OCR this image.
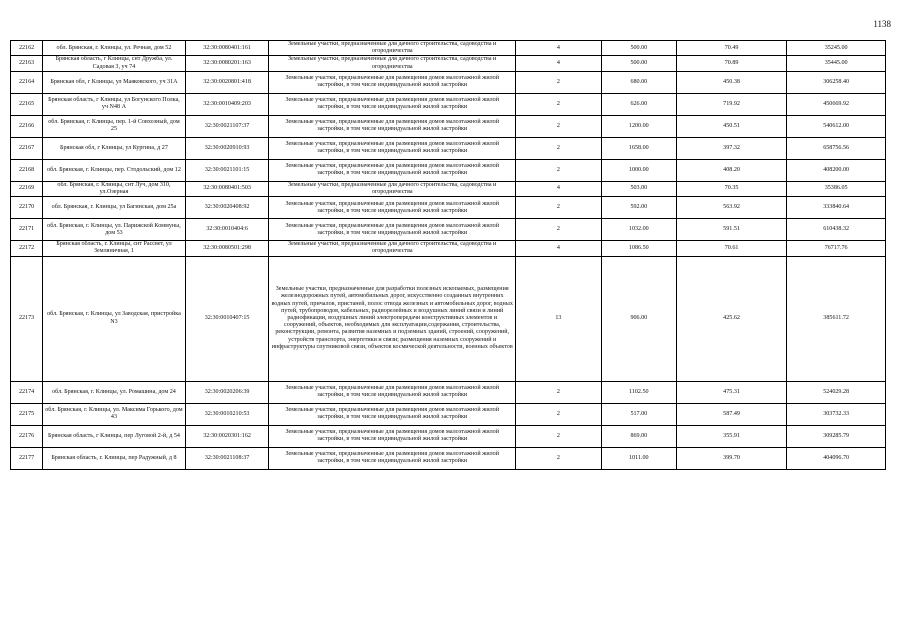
1138
22162	обл. Брянская, г. Клинцы, ул. Речная, дом 52	32:30:0080401:161	Земельные участки, предназначенные для дачного строительства, садоводства и огородничества	4	500.00	70.49	35245.00
22163	Брянская область, г Клинцы, снт Дружба, ул. Садовая 3, уч 74	32:30:0080201:163	Земельные участки, предназначенные для дачного строительства, садоводства и огородничества	4	500.00	70.89	35445.00
22164	Брянская обл, г Клинцы, ул Маяковского, уч 31А	32:30:0020801:418	Земельные участки, предназначенные для размещения домов малоэтажной жилой застройки, в том числе индивидуальной жилой застройки	2	680.00	450.38	306258.40
22165	Брянская область, г Клинцы, ул Богунского Полка, уч N48 А	32:30:0010409:203	Земельные участки, предназначенные для размещения домов малоэтажной жилой застройки, в том числе индивидуальной жилой застройки	2	626.00	719.92	450669.92
22166	обл. Брянская, г. Клинцы, пер. 1-й Совхозный, дом 25	32:30:0021107:37	Земельные участки, предназначенные для размещения домов малоэтажной жилой застройки, в том числе индивидуальной жилой застройки	2	1200.00	450.51	540612.00
22167	Брянская обл, г Клинцы, ул Кургина, д 27	32:30:0020910:93	Земельные участки, предназначенные для размещения домов малоэтажной жилой застройки, в том числе индивидуальной жилой застройки	2	1658.00	397.32	658756.56
22168	обл. Брянская, г. Клинцы, пер. Стодольский, дом 12	32:30:0021101:15	Земельные участки, предназначенные для размещения домов малоэтажной жилой застройки, в том числе индивидуальной жилой застройки	2	1000.00	408.20	408200.00
22169	обл. Брянская, г. Клинцы, снт Луч, дом 310, ул.Озерная	32:30:0080401:503	Земельные участки, предназначенные для дачного строительства, садоводства и огородничества	4	503.00	70.35	35386.05
22170	обл. Брянская, г. Клинцы, ул Багинская, дом 25а	32:30:0020408:92	Земельные участки, предназначенные для размещения домов малоэтажной жилой застройки, в том числе индивидуальной жилой застройки	2	592.00	563.92	333840.64
22171	обл. Брянская, г. Клинцы, ул. Парижской Коммуны, дом 53	32:30:0010404:6	Земельные участки, предназначенные для размещения домов малоэтажной жилой застройки, в том числе индивидуальной жилой застройки	2	1032.00	591.51	610438.32
22172	Брянская область, г. Клинцы, снт Рассвет, ул Земляничная, 1	32:30:0080501:298	Земельные участки, предназначенные для дачного строительства, садоводства и огородничества	4	1086.50	70.61	76717.76
22173	обл. Брянская, г. Клинцы, ул Заводская, пристройка N3	32:30:0010407:15	Земельные участки, предназначенные для разработки полезных ископаемых, размещения железнодорожных путей, автомобильных дорог, искусственно созданных внутренних водных путей, причалов, пристаней, полос отвода железных и автомобильных дорог, водных путей, трубопроводов, кабельных, радиорелейных и воздушных линий связи и линий радиофикации, воздушных линий электропередачи конструктивных элементов и сооружений, объектов, необходимых для эксплуатации,содержания, строительства, реконструкции, ремонта, развития наземных и подземных зданий, строений, сооружений, устройств транспорта, энергетики и связи; размещения наземных сооружений и инфраструктуры спутниковой связи, объектов космической деятельности, военных объектов	13	906.00	425.62	385611.72
22174	обл. Брянская, г. Клинцы, ул. Ромашина, дом 24	32:30:0020206:39	Земельные участки, предназначенные для размещения домов малоэтажной жилой застройки, в том числе индивидуальной жилой застройки	2	1102.50	475.31	524029.28
22175	обл. Брянская, г. Клинцы, ул. Максима Горького, дом 43	32:30:0010210:53	Земельные участки, предназначенные для размещения домов малоэтажной жилой застройки, в том числе индивидуальной жилой застройки	2	517.00	587.49	303732.33
22176	Брянская область, г Клинцы, пер Луговой 2-й, д 54	32:30:0020301:162	Земельные участки, предназначенные для размещения домов малоэтажной жилой застройки, в том числе индивидуальной жилой застройки	2	869.00	355.91	309285.79
22177	Брянская область, г. Клинцы, пер Радужный, д 8	32:30:0021108:37	Земельные участки, предназначенные для размещения домов малоэтажной жилой застройки, в том числе индивидуальной жилой застройки	2	1011.00	399.70	404096.70
